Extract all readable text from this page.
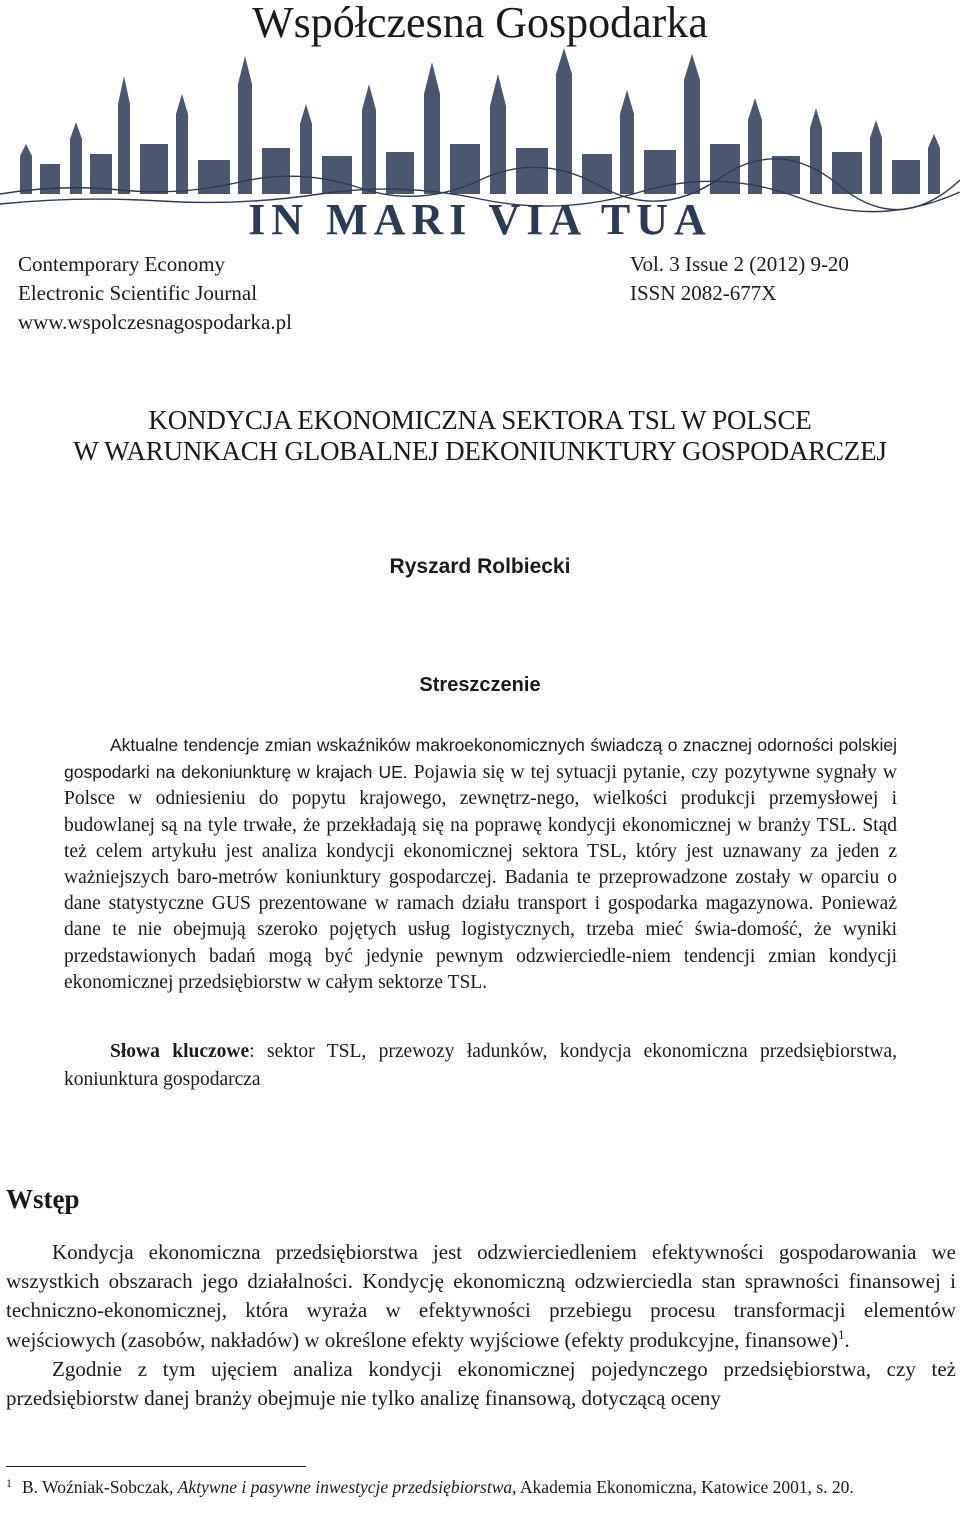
Współczesna Gospodarka
IN MARI VIA TUA
Contemporary Economy
Electronic Scientific Journal
www.wspolczesnagospodarka.pl
Vol. 3 Issue 2 (2012) 9-20
ISSN 2082-677X
KONDYCJA EKONOMICZNA SEKTORA TSL W POLSCE
W WARUNKACH GLOBALNEJ DEKONIUNKTURY GOSPODARCZEJ
Ryszard Rolbiecki
Streszczenie

Aktualne tendencje zmian wskaźników makroekonomicznych świadczą o znacznej odorności polskiej gospodarki na dekoniunkturę w krajach UE. Pojawia się w tej sytuacji pytanie, czy pozytywne sygnały w Polsce w odniesieniu do popytu krajowego, zewnętrz-nego, wielkości produkcji przemysłowej i budowlanej są na tyle trwałe, że przekładają się na poprawę kondycji ekonomicznej w branży TSL. Stąd też celem artykułu jest analiza kondycji ekonomicznej sektora TSL, który jest uznawany za jeden z ważniejszych baro-metrów koniunktury gospodarczej. Badania te przeprowadzone zostały w oparciu o dane statystyczne GUS prezentowane w ramach działu transport i gospodarka magazynowa. Ponieważ dane te nie obejmują szeroko pojętych usług logistycznych, trzeba mieć świa-domość, że wyniki przedstawionych badań mogą być jedynie pewnym odzwierciedle-niem tendencji zmian kondycji ekonomicznej przedsiębiorstw w całym sektorze TSL.

Słowa kluczowe: sektor TSL, przewozy ładunków, kondycja ekonomiczna przedsiębiorstwa, koniunktura gospodarcza

Wstęp

Kondycja ekonomiczna przedsiębiorstwa jest odzwierciedleniem efektywności gospodarowania we wszystkich obszarach jego działalności. Kondycję ekonomiczną odzwierciedla stan sprawności finansowej i techniczno-ekonomicznej, która wyraża w efektywności przebiegu procesu transformacji elementów wejściowych (zasobów, nakładów) w określone efekty wyjściowe (efekty produkcyjne, finansowe)$^1$.

Zgodnie z tym ujęciem analiza kondycji ekonomicznej pojedynczego przedsiębiorstwa, czy też przedsiębiorstw danej branży obejmuje nie tylko analizę finansową, dotyczącą oceny

$^1$ B. Woźniak-Sobczak, Aktywne i pasywne inwestycje przedsiębiorstwa, Akademia Ekonomiczna, Katowice 2001, s. 20.
